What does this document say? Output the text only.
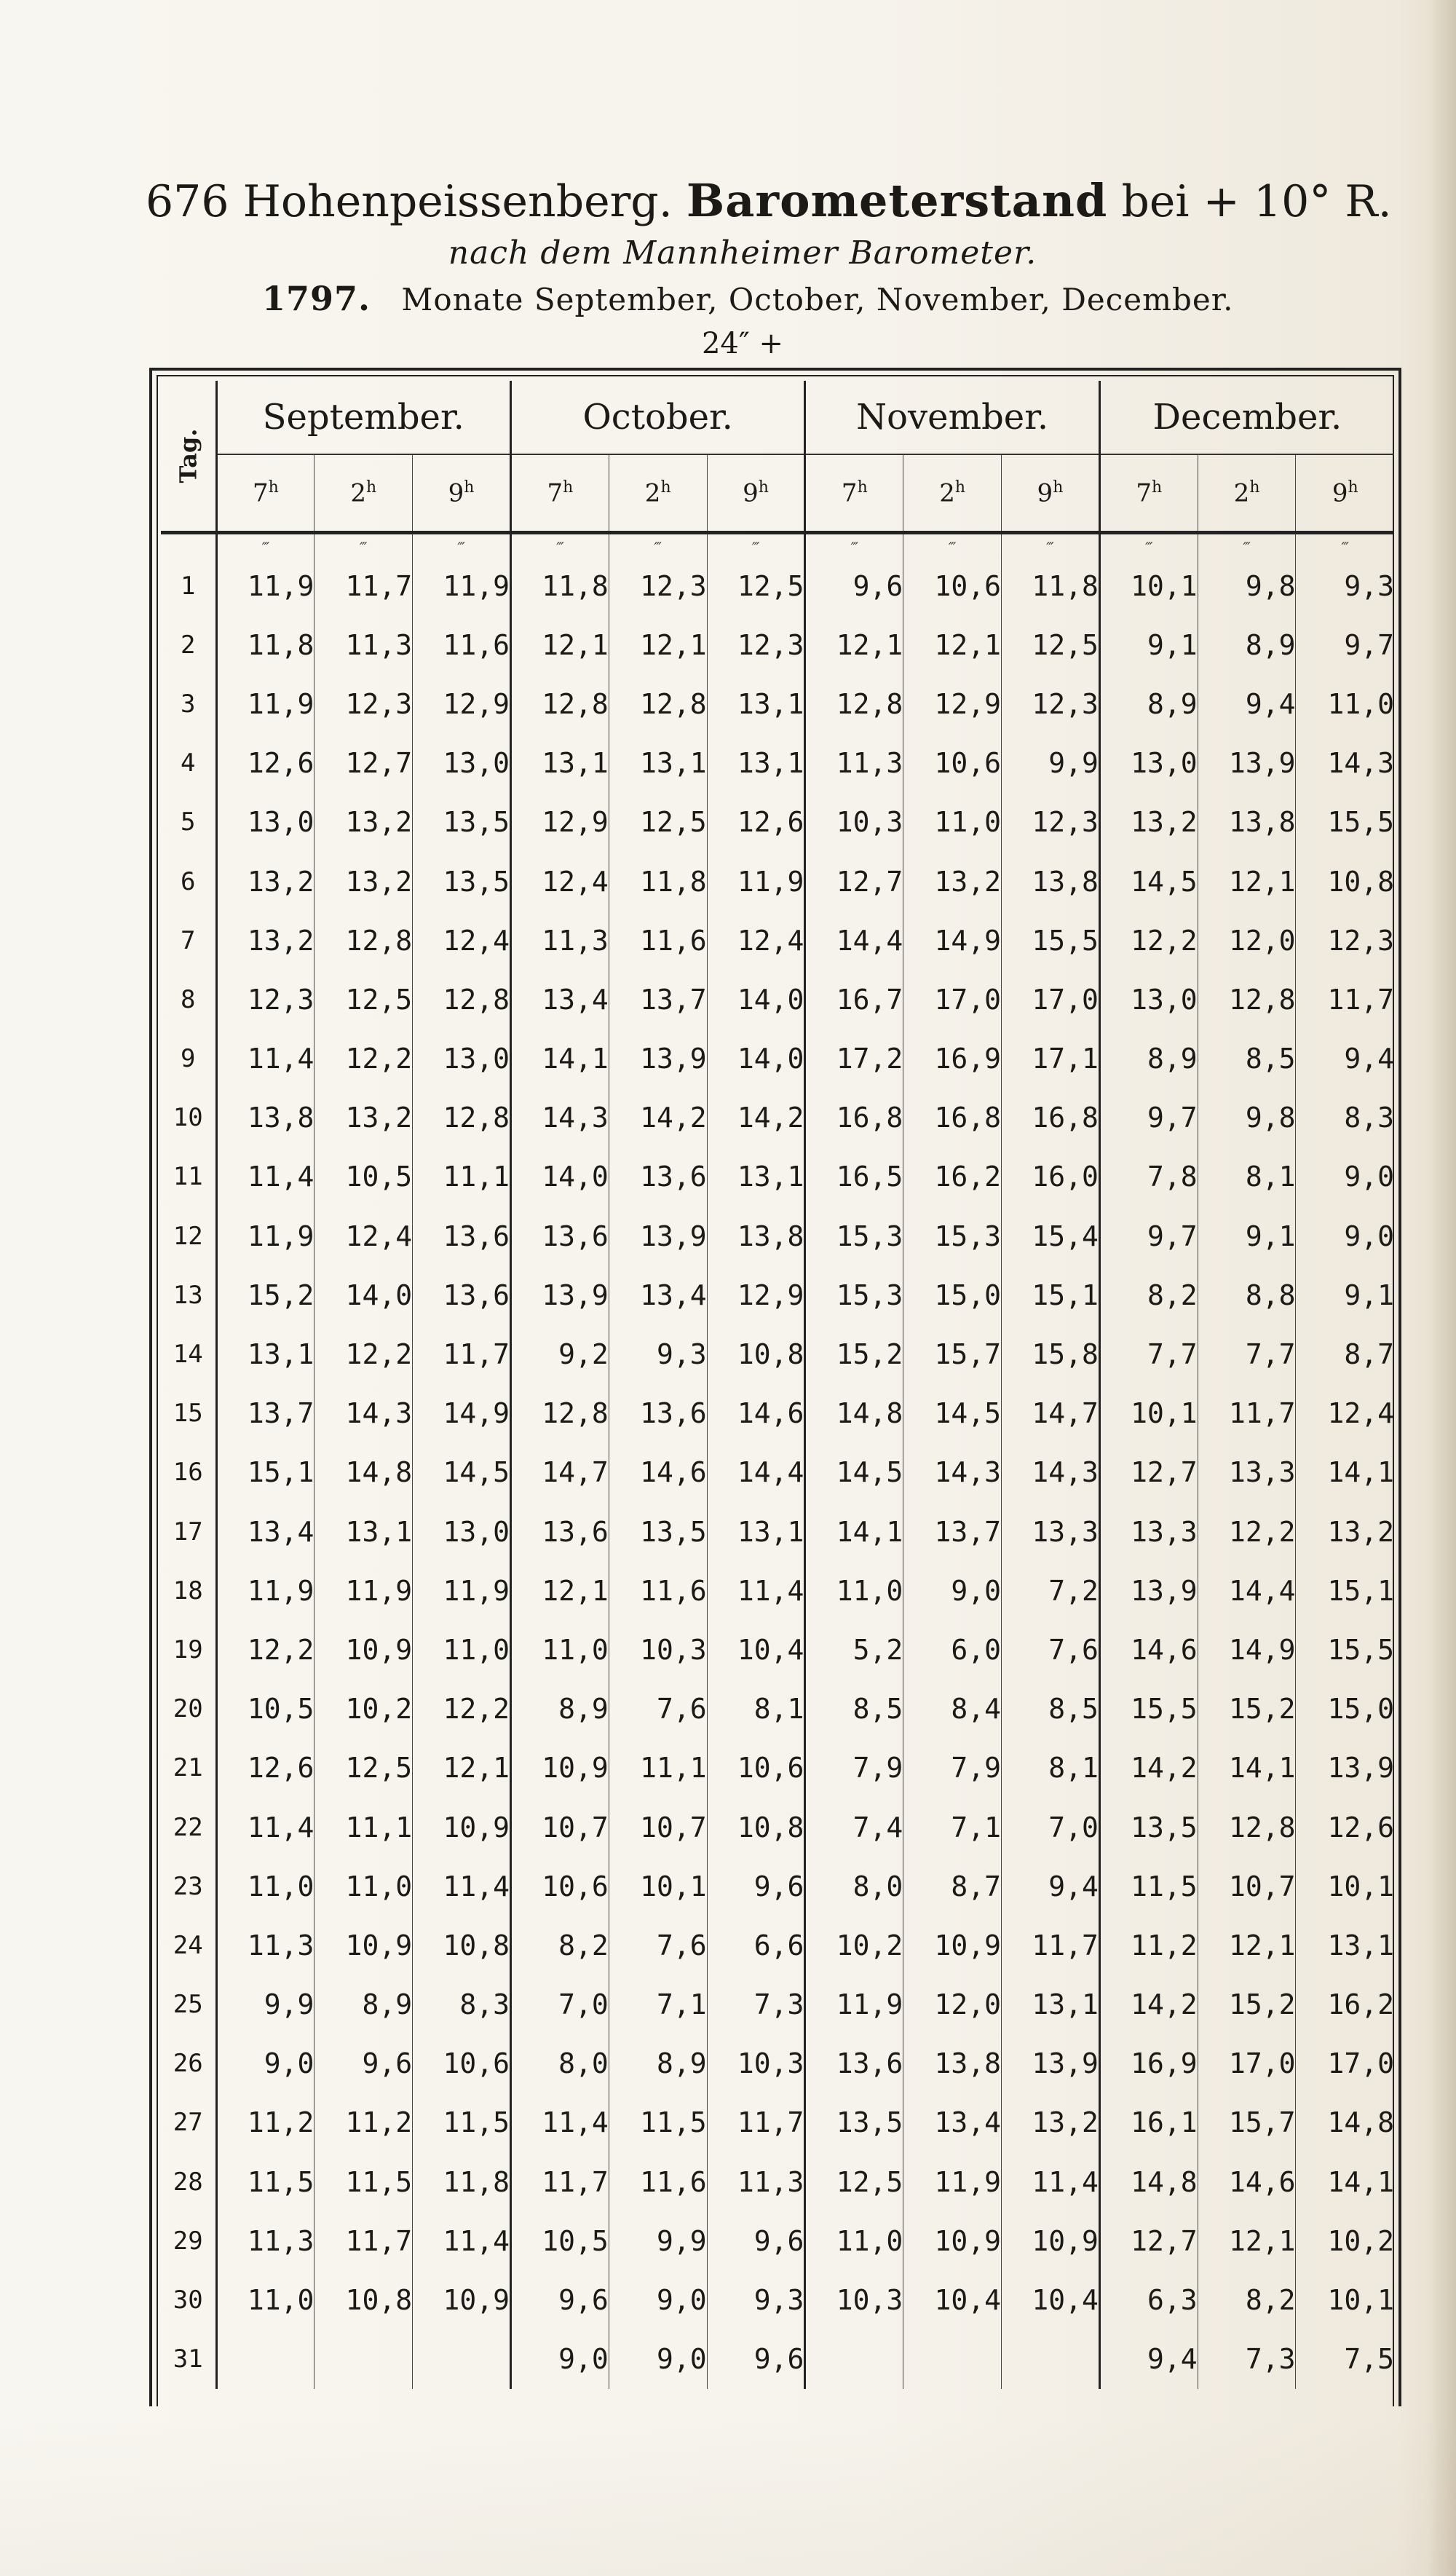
676 Hohenpeissenberg. Barometerstand bei + 10° R.
nach dem Mannheimer Barometer.
1797. Monate September, October, November, December.
24″ +
Tag.	September.			October.			November.			December.		
	7$^h$	2$^h$	9$^h$	7$^h$	2$^h$	9$^h$	7$^h$	2$^h$	9$^h$	7$^h$	2$^h$	9$^h$
	‴	‴	‴	‴	‴	‴	‴	‴	‴	‴	‴	‴
1	11,9	11,7	11,9	11,8	12,3	12,5	9,6	10,6	11,8	10,1	9,8	9,3
2	11,8	11,3	11,6	12,1	12,1	12,3	12,1	12,1	12,5	9,1	8,9	9,7
3	11,9	12,3	12,9	12,8	12,8	13,1	12,8	12,9	12,3	8,9	9,4	11,0
4	12,6	12,7	13,0	13,1	13,1	13,1	11,3	10,6	9,9	13,0	13,9	14,3
5	13,0	13,2	13,5	12,9	12,5	12,6	10,3	11,0	12,3	13,2	13,8	15,5
6	13,2	13,2	13,5	12,4	11,8	11,9	12,7	13,2	13,8	14,5	12,1	10,8
7	13,2	12,8	12,4	11,3	11,6	12,4	14,4	14,9	15,5	12,2	12,0	12,3
8	12,3	12,5	12,8	13,4	13,7	14,0	16,7	17,0	17,0	13,0	12,8	11,7
9	11,4	12,2	13,0	14,1	13,9	14,0	17,2	16,9	17,1	8,9	8,5	9,4
10	13,8	13,2	12,8	14,3	14,2	14,2	16,8	16,8	16,8	9,7	9,8	8,3
11	11,4	10,5	11,1	14,0	13,6	13,1	16,5	16,2	16,0	7,8	8,1	9,0
12	11,9	12,4	13,6	13,6	13,9	13,8	15,3	15,3	15,4	9,7	9,1	9,0
13	15,2	14,0	13,6	13,9	13,4	12,9	15,3	15,0	15,1	8,2	8,8	9,1
14	13,1	12,2	11,7	9,2	9,3	10,8	15,2	15,7	15,8	7,7	7,7	8,7
15	13,7	14,3	14,9	12,8	13,6	14,6	14,8	14,5	14,7	10,1	11,7	12,4
16	15,1	14,8	14,5	14,7	14,6	14,4	14,5	14,3	14,3	12,7	13,3	14,1
17	13,4	13,1	13,0	13,6	13,5	13,1	14,1	13,7	13,3	13,3	12,2	13,2
18	11,9	11,9	11,9	12,1	11,6	11,4	11,0	9,0	7,2	13,9	14,4	15,1
19	12,2	10,9	11,0	11,0	10,3	10,4	5,2	6,0	7,6	14,6	14,9	15,5
20	10,5	10,2	12,2	8,9	7,6	8,1	8,5	8,4	8,5	15,5	15,2	15,0
21	12,6	12,5	12,1	10,9	11,1	10,6	7,9	7,9	8,1	14,2	14,1	13,9
22	11,4	11,1	10,9	10,7	10,7	10,8	7,4	7,1	7,0	13,5	12,8	12,6
23	11,0	11,0	11,4	10,6	10,1	9,6	8,0	8,7	9,4	11,5	10,7	10,1
24	11,3	10,9	10,8	8,2	7,6	6,6	10,2	10,9	11,7	11,2	12,1	13,1
25	9,9	8,9	8,3	7,0	7,1	7,3	11,9	12,0	13,1	14,2	15,2	16,2
26	9,0	9,6	10,6	8,0	8,9	10,3	13,6	13,8	13,9	16,9	17,0	17,0
27	11,2	11,2	11,5	11,4	11,5	11,7	13,5	13,4	13,2	16,1	15,7	14,8
28	11,5	11,5	11,8	11,7	11,6	11,3	12,5	11,9	11,4	14,8	14,6	14,1
29	11,3	11,7	11,4	10,5	9,9	9,6	11,0	10,9	10,9	12,7	12,1	10,2
30	11,0	10,8	10,9	9,6	9,0	9,3	10,3	10,4	10,4	6,3	8,2	10,1
31				9,0	9,0	9,6				9,4	7,3	7,5
